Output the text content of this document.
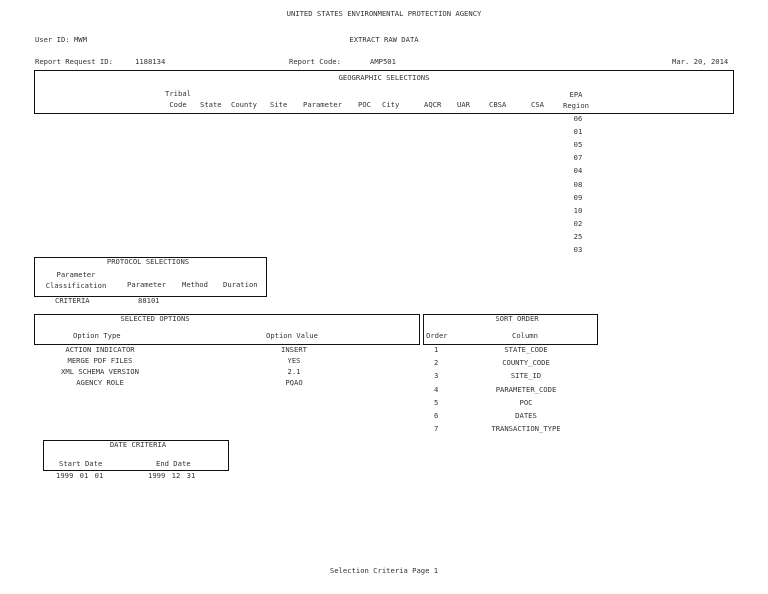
UNITED STATES ENVIRONMENTAL PROTECTION AGENCY
User ID: MWM	EXTRACT RAW DATA
Report Request ID:	1188134	Report Code:	AMP501	Mar. 20, 2014
GEOGRAPHIC SELECTIONS
Tribal
Code	State County Site Parameter POC City	AQCR UAR	CBSA	CSA
EPA
Region
06
01
05
07
04
08
09
10
02
25
03
PROTOCOL SELECTIONS
Parameter
Classification	Parameter Method Duration
CRITERIA	88101
SELECTED OPTIONS
Option Type	Option Value
ACTION INDICATOR	INSERT
MERGE PDF FILES	YES
XML SCHEMA VERSION	2.1
AGENCY ROLE	PQAO
SORT ORDER
Order	Column
1	STATE_CODE
2	COUNTY_CODE
3	SITE_ID
4	PARAMETER_CODE
5	POC
6	DATES
7	TRANSACTION_TYPE
DATE CRITERIA
Start Date	End Date
1999 01 01	1999 12 31
Selection Criteria Page 1
